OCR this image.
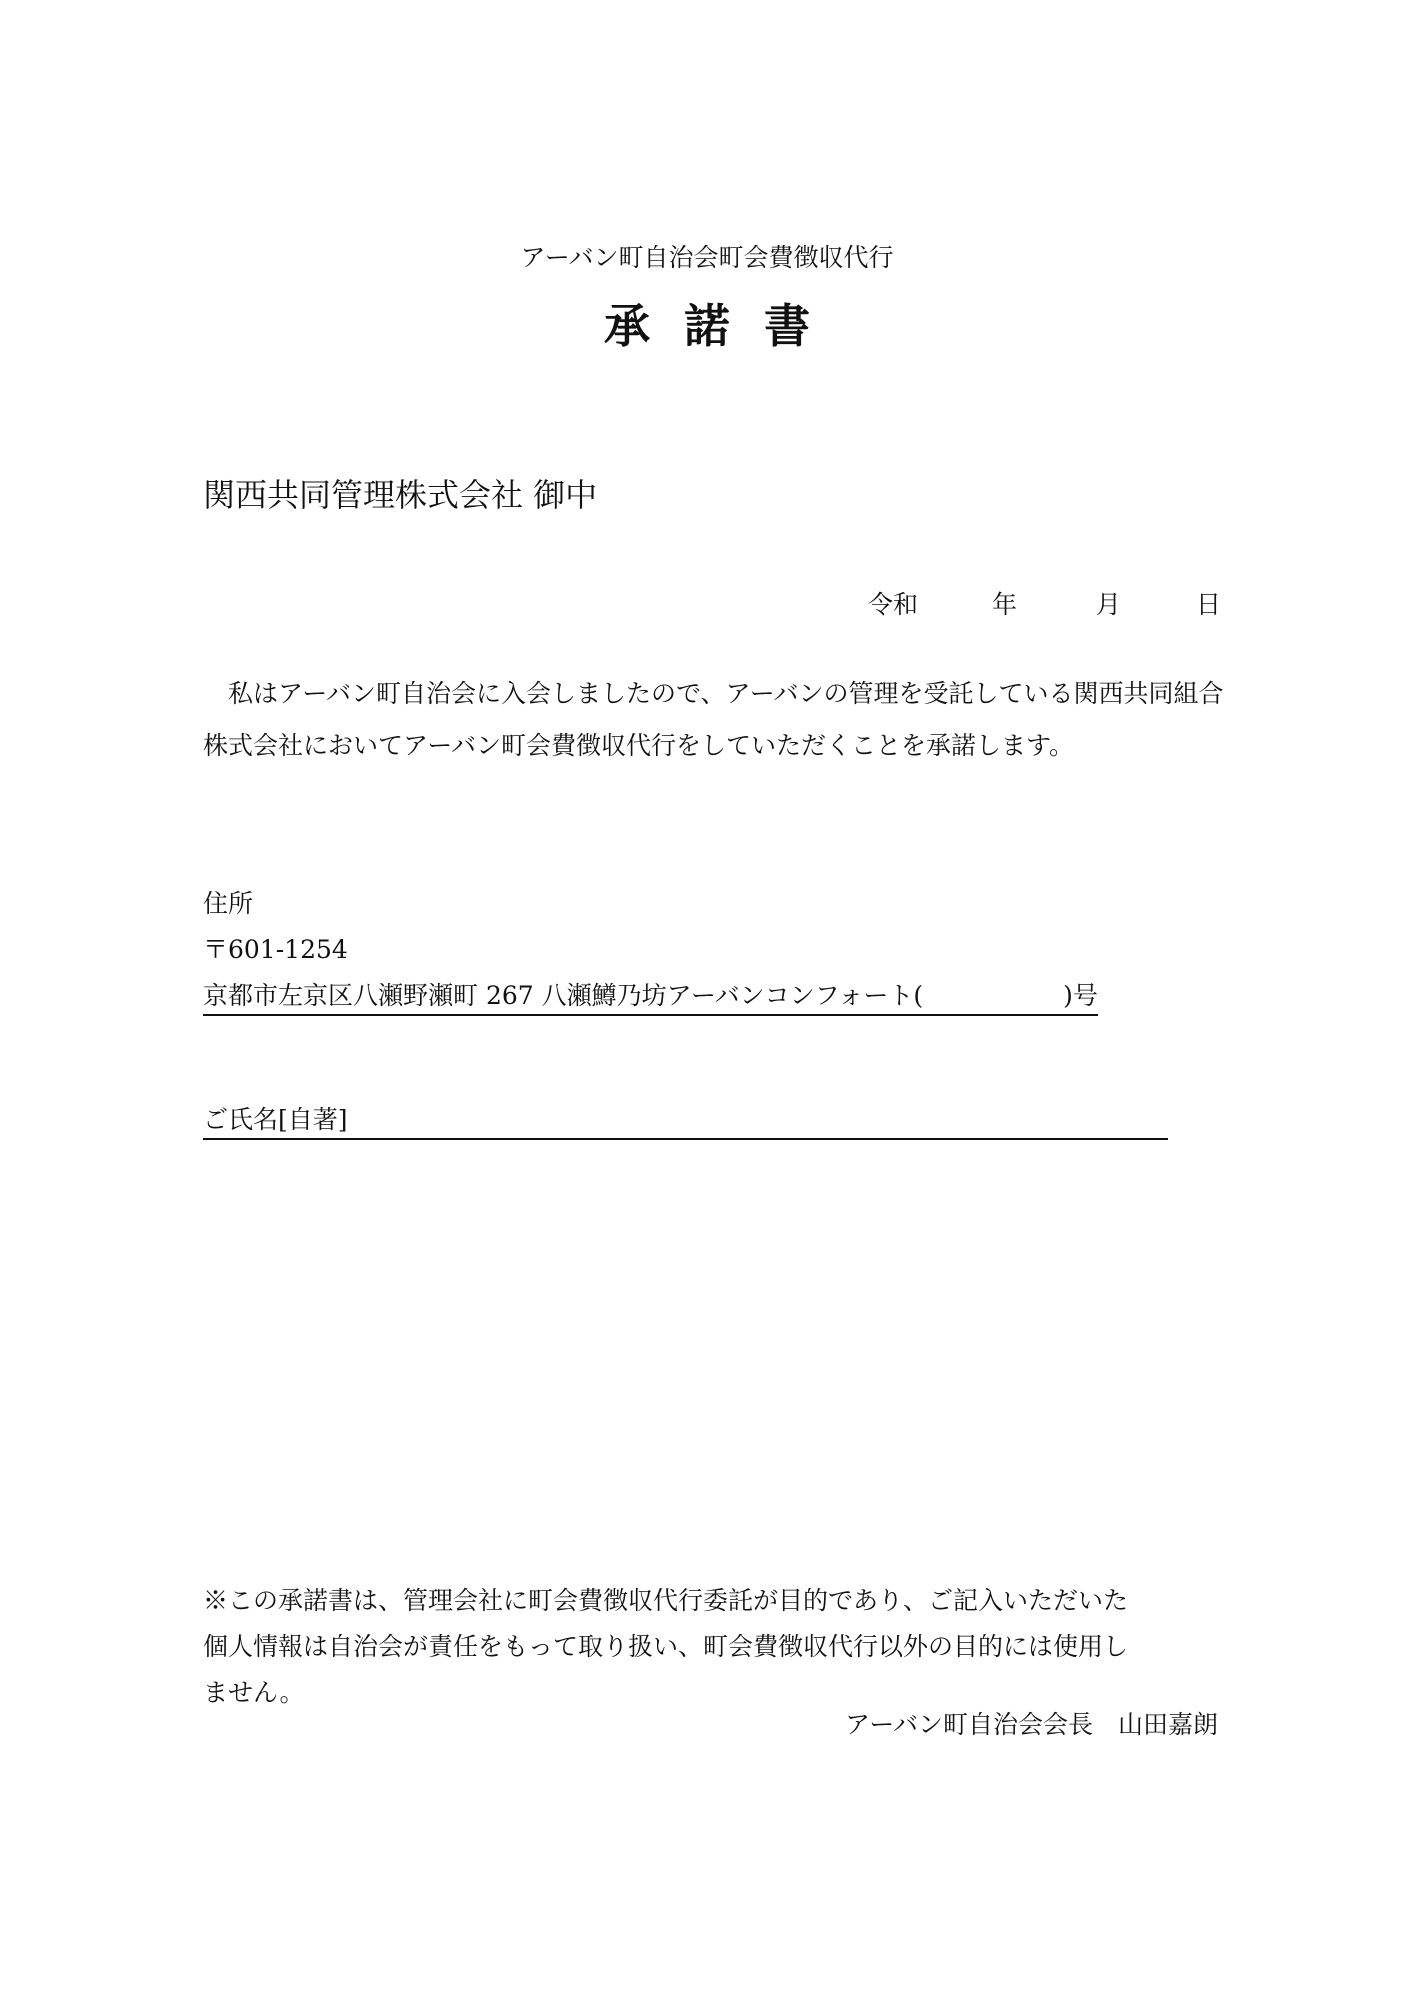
アーバン町自治会町会費徴収代行
承諾書
関西共同管理株式会社 御中
令和	年	月	日
　私はアーバン町自治会に入会しましたので、アーバンの管理を受託している関西共同組合
株式会社においてアーバン町会費徴収代行をしていただくことを承諾します。
住所
〒601-1254
京都市左京区八瀬野瀬町 267 八瀬鱒乃坊アーバンコンフォート(	)号
ご氏名[自著]
※この承諾書は、管理会社に町会費徴収代行委託が目的であり、ご記入いただいた
個人情報は自治会が責任をもって取り扱い、町会費徴収代行以外の目的には使用し
ません。
アーバン町自治会会長　山田嘉朗
